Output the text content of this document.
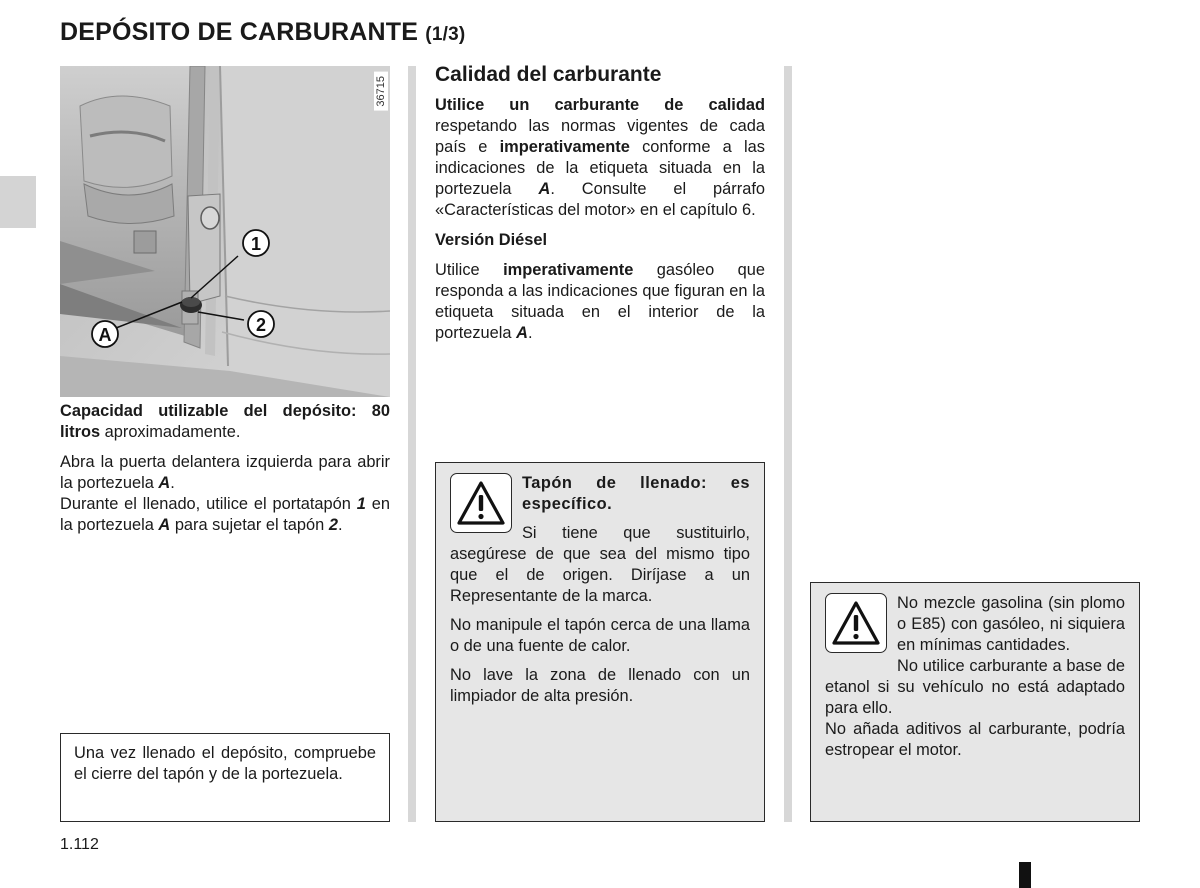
DEPÓSITO DE CARBURANTE (1/3)
1
2
A
36715

Capacidad utilizable del depósito: 80 litros aproximadamente.

Abra la puerta delantera izquierda para abrir la portezuela A.

Durante el llenado, utilice el portatapón 1 en la portezuela A para sujetar el tapón 2.

Una vez llenado el depósito, compruebe el cierre del tapón y de la portezuela.
Calidad del carburante

Utilice un carburante de calidad respetando las normas vigentes de cada país e imperativamente conforme a las indicaciones de la etiqueta situada en la portezuela A. Consulte el párrafo «Características del motor» en el capítulo 6.

Versión Diésel

Utilice imperativamente gasóleo que responda a las indicaciones que figuran en la etiqueta situada en el interior de la portezuela A.

Tapón de llenado: es específico.

Si tiene que sustituirlo, asegúrese de que sea del mismo tipo que el de origen. Diríjase a un Representante de la marca.

No manipule el tapón cerca de una llama o de una fuente de calor.

No lave la zona de llenado con un limpiador de alta presión.

No mezcle gasolina (sin plomo o E85) con gasóleo, ni siquiera en mínimas cantidades.

No utilice carburante a base de etanol si su vehículo no está adaptado para ello.

No añada aditivos al carburante, podría estropear el motor.

1.112
